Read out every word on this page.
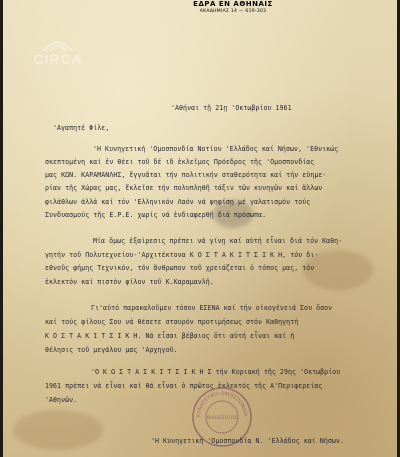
ΕΔΡΑ ΕΝ ΑΘΗΝΑΙΣ
ΑΚΑΔΗΜΙΑΣ 14 — 619-303
CIRCA
'Αθήναι τῇ 21ῃ 'Οκτωβρίου 1961
'Αγαπητέ Φίλε,
'Η Κυνηγετική 'Ομοσπονδία Νοτίου 'Ελλάδος καί Νήσων, 'Εθνικώς
σκεπτομένη καί ἐν θέει τοῦ δέ ιδ ἐκλεῖμος Πρόεδρος τῆς 'Ομοσπονδίας
μας ΚΩΝ. ΚΑΡΑΜΑΝΛΗΣ, ἔγγυᾶται τήν πολιτικήν σταθερότητα καί τήν εὐημε-
ρίαν τῆς Χώρας μας, ἔκλεῖσε τήν πολυπληθῆ τάξιν τῶν κυνηγῶν καί ἄλλων
φιλάθλων ἀλλά καί τόν 'Ελληνικόν Λαόν νά ψηφίσῃ μέ γαλατισμόν τούς
Συνδυασμούς τῆς Ε.Ρ.Ε. χωρίς νά ἐνδιαφερθῇ διά πρόσωπα.
Μία ὅμως ἐξαίρεσις πρέπει νά γίνῃ καί αὐτή εἶναι διά τόν Καθη-
γητήν τοῦ Πολυτεχνείου-'Αρχιτέκτονα Κ Ο Σ Τ Α Κ Ι Τ Σ Ι Κ Η, τόν δι-
εθνοῦς φήμης Τεχνικόν, τόν ἄνθρωπον τοῦ χρειάζεται ὁ τόπος μας, τόν
ἐκλεκτόν καί πιστόν φίλον τοῦ Κ.Καραμανλῆ.
Γι'αὐτό παρακαλοῦμεν τόσον ΕΣΕΝΑ καί τήν οἰκογένειά Σου ὅσον
καί τούς φίλους Σου νά θέσετε σταυρόν προτιμήσεως στόν Καθηγητή
Κ Ο Σ Τ Α Κ Ι Τ Σ Ι Κ Η. Νά εἶσαι βέβαιος ὅτι αὐτή εἶναι καί ἡ
θέλησις τοῦ μεγάλου μας 'Αρχηγοῦ.
'Ο Κ Ω Σ Τ Α Σ Κ Ι Τ Σ Ι Κ Η Σ τήν Κυριακή τῆς 29ης 'Οκτωβρίου
1961 πρέπει νά εἶναι καί θά εἶναι ὁ πρῶτος ἐκλεκτός τῆς Α'Περιφερείας
'Αθηνῶν.
ΚΥΝΗΓΕΤΙΚΗ ΟΜΟΣΠΟΝΔΙΑ
ΘΑΛΑΣΣΟΓΟΣ
'Η Κυνηγετική 'Ομοσπονδία Ν. 'Ελλάδος καί Νήσων.
